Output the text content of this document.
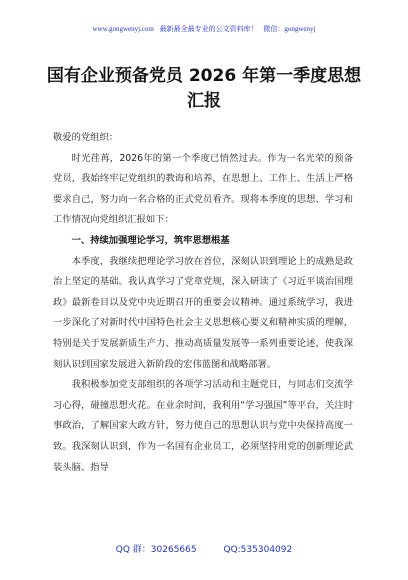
www.gongwenyj.com 最新最全最专业的公文资料库！ 微信：gongwenyj
国有企业预备党员 2026 年第一季度思想汇报

敬爱的党组织：

时光荏苒，2026年的第一个季度已悄然过去。作为一名光荣的预备党员，我始终牢记党组织的教诲和培养，在思想上、工作上、生活上严格要求自己，努力向一名合格的正式党员看齐。现将本季度的思想、学习和工作情况向党组织汇报如下：

一、持续加强理论学习，筑牢思想根基

本季度，我继续把理论学习放在首位，深刻认识到理论上的成熟是政治上坚定的基础。我认真学习了党章党规，深入研读了《习近平谈治国理政》最新卷目以及党中央近期召开的重要会议精神。通过系统学习，我进一步深化了对新时代中国特色社会主义思想核心要义和精神实质的理解，特别是关于发展新质生产力、推动高质量发展等一系列重要论述，使我深刻认识到国家发展进入新阶段的宏伟蓝图和战略部署。

我积极参加党支部组织的各项学习活动和主题党日，与同志们交流学习心得，碰撞思想火花。在业余时间，我利用“学习强国”等平台，关注时事政治，了解国家大政方针，努力使自己的思想认识与党中央保持高度一致。我深刻认识到，作为一名国有企业员工，必须坚持用党的创新理论武装头脑、指导

QQ 群：30265665	QQ:535304092
